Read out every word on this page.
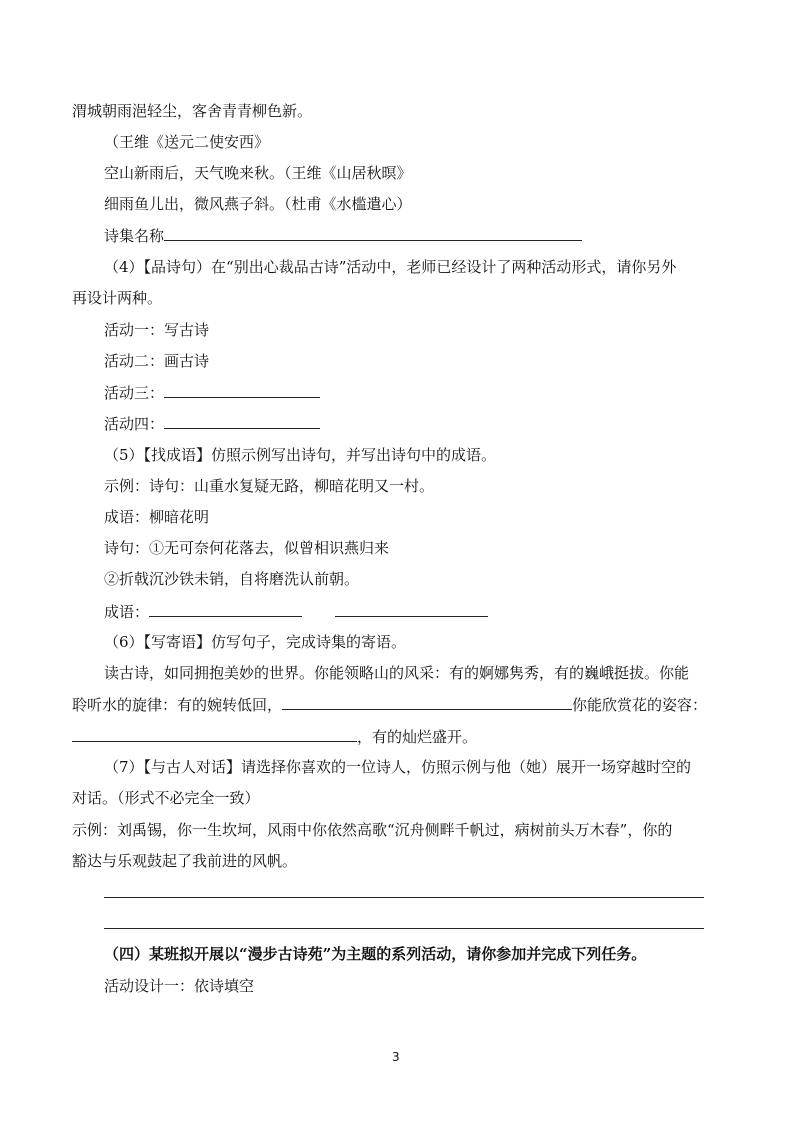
渭城朝雨浥轻尘，客舍青青柳色新。
（王维《送元二使安西》
空山新雨后，天气晚来秋。（王维《山居秋暝》
细雨鱼儿出，微风燕子斜。（杜甫《水槛遣心）
诗集名称
（4）【品诗句）在“别出心裁品古诗”活动中，老师已经设计了两种活动形式，请你另外
再设计两种。
活动一：写古诗
活动二：画古诗
活动三：
活动四：
（5）【找成语】仿照示例写出诗句，并写出诗句中的成语。
示例：诗句：山重水复疑无路，柳暗花明又一村。
成语：柳暗花明
诗句：①无可奈何花落去，似曾相识燕归来
②折戟沉沙铁未销，自将磨洗认前朝。
成语：
（6）【写寄语】仿写句子，完成诗集的寄语。
读古诗，如同拥抱美妙的世界。你能领略山的风采：有的婀娜隽秀，有的巍峨挺拔。你能
聆听水的旋律：有的婉转低回，	你能欣赏花的姿容：
，有的灿烂盛开。
（7）【与古人对话】请选择你喜欢的一位诗人，仿照示例与他（她）展开一场穿越时空的
对话。（形式不必完全一致）
示例：刘禹锡，你一生坎坷，风雨中你依然高歌“沉舟侧畔千帆过，病树前头万木春”，你的
豁达与乐观鼓起了我前进的风帆。
（四）某班拟开展以“漫步古诗苑”为主题的系列活动，请你参加并完成下列任务。
活动设计一：依诗填空
3
